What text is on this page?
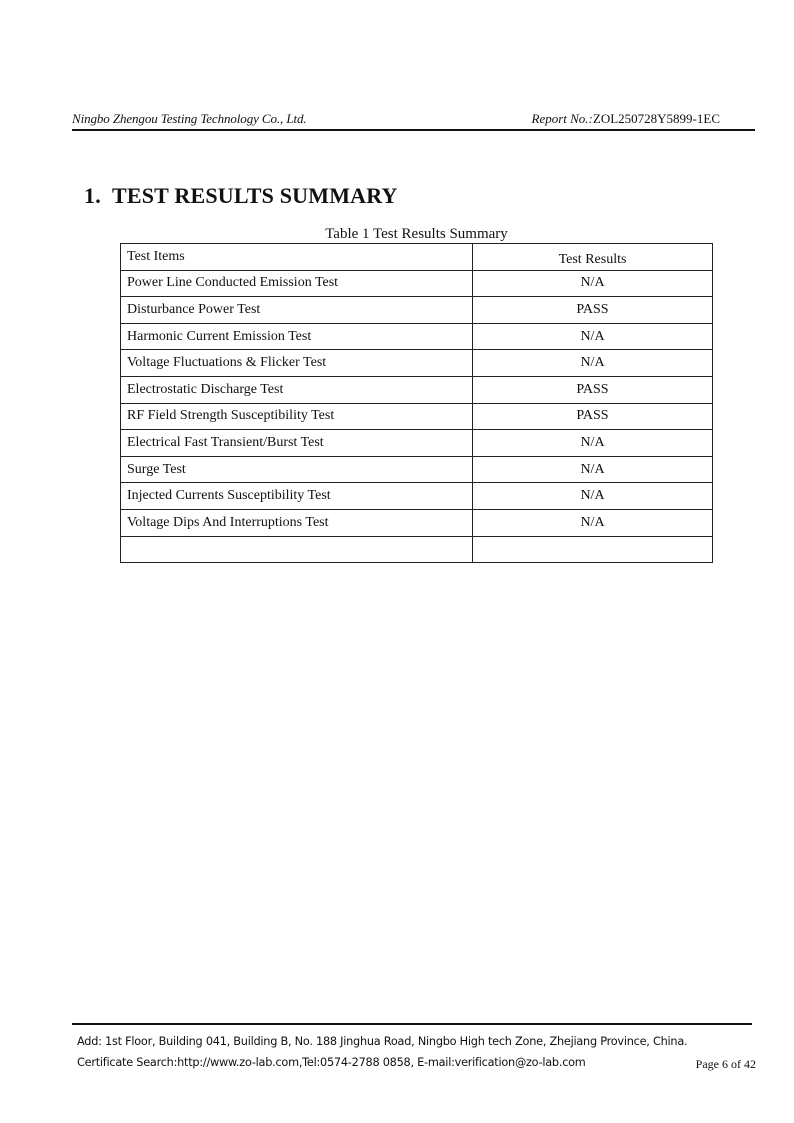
Ningbo Zhengou Testing Technology Co., Ltd.	Report No.:ZOL250728Y5899-1EC
1. TEST RESULTS SUMMARY
Table 1 Test Results Summary
Test Items	Test Results
Power Line Conducted Emission Test	N/A
Disturbance Power Test	PASS
Harmonic Current Emission Test	N/A
Voltage Fluctuations & Flicker Test	N/A
Electrostatic Discharge Test	PASS
RF Field Strength Susceptibility Test	PASS
Electrical Fast Transient/Burst Test	N/A
Surge Test	N/A
Injected Currents Susceptibility Test	N/A
Voltage Dips And Interruptions Test	N/A

Add: 1st Floor, Building 041, Building B, No. 188 Jinghua Road, Ningbo High tech Zone, Zhejiang Province, China.
Certificate Search:http://www.zo-lab.com,Tel:0574-2788 0858, E-mail:verification@zo-lab.com	Page 6 of 42
